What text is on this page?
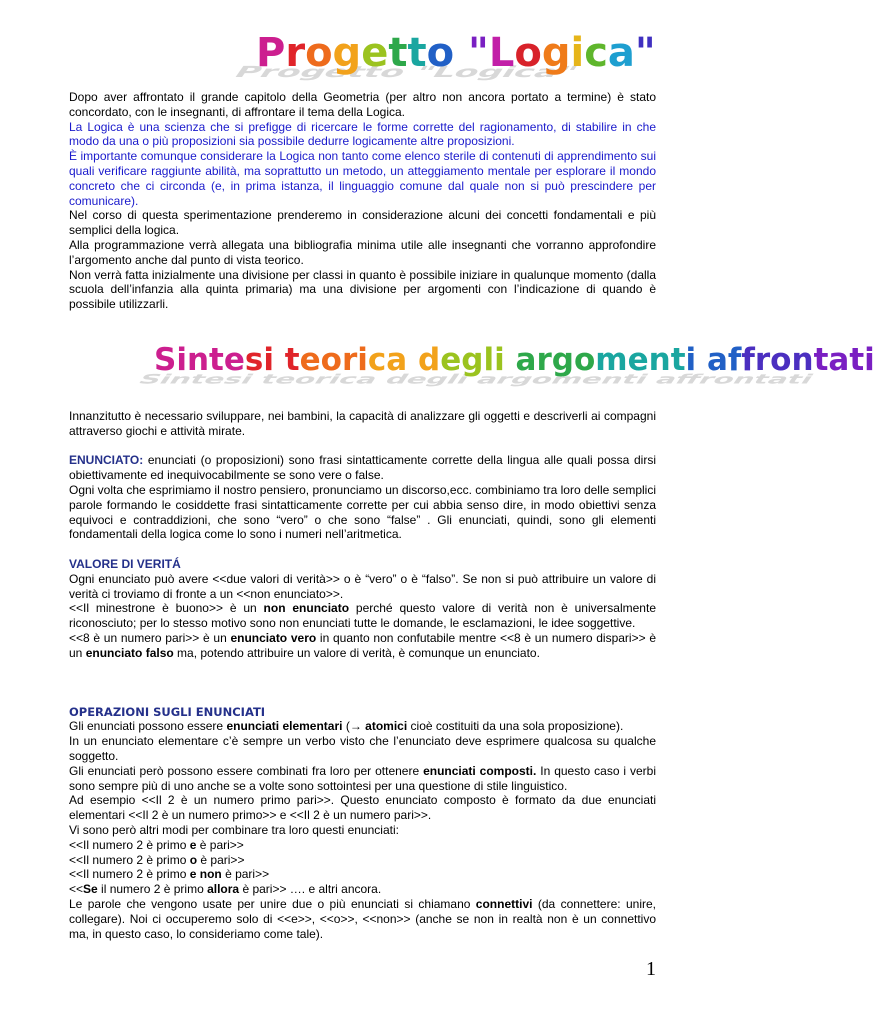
Progetto "Logica"
Progetto "Logica"

Dopo aver affrontato il grande capitolo della Geometria (per altro non ancora portato a termine) è stato concordato, con le insegnanti, di affrontare il tema della Logica.

La Logica è una scienza che si prefigge di ricercare le forme corrette del ragionamento, di stabilire in che modo da una o più proposizioni sia possibile dedurre logicamente altre proposizioni.

È importante comunque considerare la Logica non tanto come elenco sterile di contenuti di apprendimento sui quali verificare raggiunte abilità, ma soprattutto un metodo, un atteggiamento mentale per esplorare il mondo concreto che ci circonda (e, in prima istanza, il linguaggio comune dal quale non si può prescindere per comunicare).

Nel corso di questa sperimentazione prenderemo in considerazione alcuni dei concetti fondamentali e più semplici della logica.

Alla programmazione verrà allegata una bibliografia minima utile alle insegnanti che vorranno approfondire l’argomento anche dal punto di vista teorico.

Non verrà fatta inizialmente una divisione per classi in quanto è possibile iniziare in qualunque momento (dalla scuola dell’infanzia alla quinta primaria) ma una divisione per argomenti con l’indicazione di quando è possibile utilizzarli.

Sintesi teorica degli argomenti affrontati
Sintesi teorica degli argomenti affrontati

Innanzitutto è necessario sviluppare, nei bambini, la capacità di analizzare gli oggetti e descriverli ai compagni attraverso giochi e attività mirate.

ENUNCIATO: enunciati (o proposizioni) sono frasi sintatticamente corrette della lingua alle quali possa dirsi obiettivamente ed inequivocabilmente se sono vere o false.

Ogni volta che esprimiamo il nostro pensiero, pronunciamo un discorso,ecc. combiniamo tra loro delle semplici parole formando le cosiddette frasi sintatticamente corrette per cui abbia senso dire, in modo obiettivi senza equivoci e contraddizioni, che sono “vero” o che sono “false” . Gli enunciati, quindi, sono gli elementi fondamentali della logica come lo sono i numeri nell’aritmetica.

VALORE DI VERITÁ

Ogni enunciato può avere <<due valori di verità>> o è “vero” o è “falso”. Se non si può attribuire un valore di verità ci troviamo di fronte a un <<non enunciato>>.

<<Il minestrone è buono>> è un non enunciato perché questo valore di verità non è universalmente riconosciuto; per lo stesso motivo sono non enunciati tutte le domande, le esclamazioni, le idee soggettive.

<<8 è un numero pari>> è un enunciato vero in quanto non confutabile mentre <<8 è un numero dispari>> è un enunciato falso ma, potendo attribuire un valore di verità, è comunque un enunciato.

OPERAZIONI SUGLI ENUNCIATI

Gli enunciati possono essere enunciati elementari (→ atomici cioè costituiti da una sola proposizione).

In un enunciato elementare c’è sempre un verbo visto che l’enunciato deve esprimere qualcosa su qualche soggetto.

Gli enunciati però possono essere combinati fra loro per ottenere enunciati composti. In questo caso i verbi sono sempre più di uno anche se a volte sono sottointesi per una questione di stile linguistico.

Ad esempio <<Il 2 è un numero primo pari>>. Questo enunciato composto è formato da due enunciati elementari <<Il 2 è un numero primo>> e <<Il 2 è un numero pari>>.

Vi sono però altri modi per combinare tra loro questi enunciati:

<<Il numero 2 è primo e è pari>>

<<Il numero 2 è primo o è pari>>

<<Il numero 2 è primo e non è pari>>

<<Se il numero 2 è primo allora è pari>> …. e altri ancora.

Le parole che vengono usate per unire due o più enunciati si chiamano connettivi (da connettere: unire, collegare). Noi ci occuperemo solo di <<e>>, <<o>>, <<non>> (anche se non in realtà non è un connettivo ma, in questo caso, lo consideriamo come tale).

1
